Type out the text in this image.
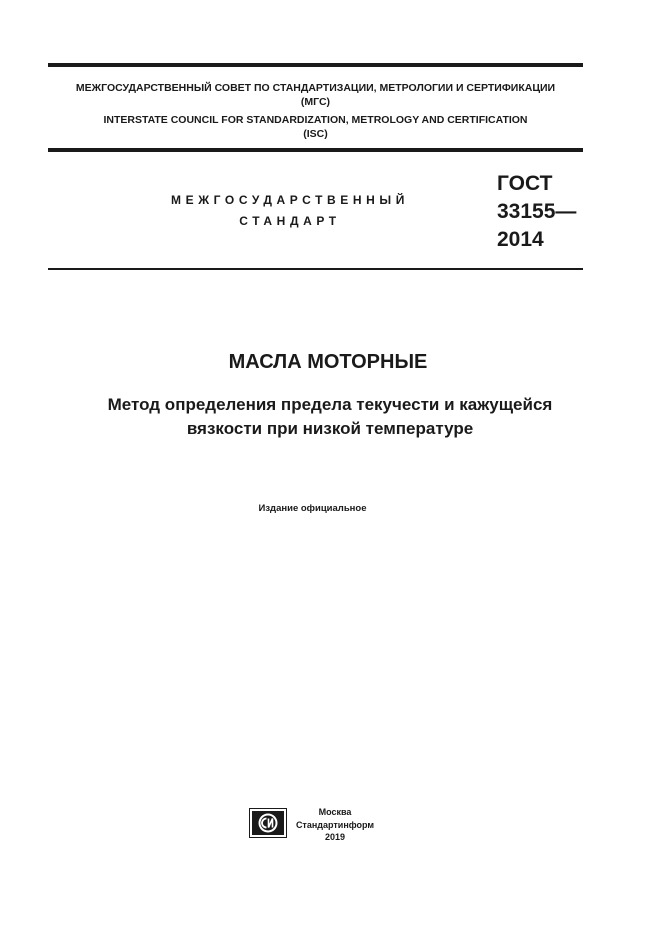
МЕЖГОСУДАРСТВЕННЫЙ СОВЕТ ПО СТАНДАРТИЗАЦИИ, МЕТРОЛОГИИ И СЕРТИФИКАЦИИ
(МГС)
INTERSTATE COUNCIL FOR STANDARDIZATION, METROLOGY AND CERTIFICATION
(ISC)
МЕЖГОСУДАРСТВЕННЫЙ
СТАНДАРТ
ГОСТ
33155—
2014
МАСЛА МОТОРНЫЕ
Метод определения предела текучести и кажущейся
вязкости при низкой температуре
Издание официальное
Москва
Стандартинформ
2019
